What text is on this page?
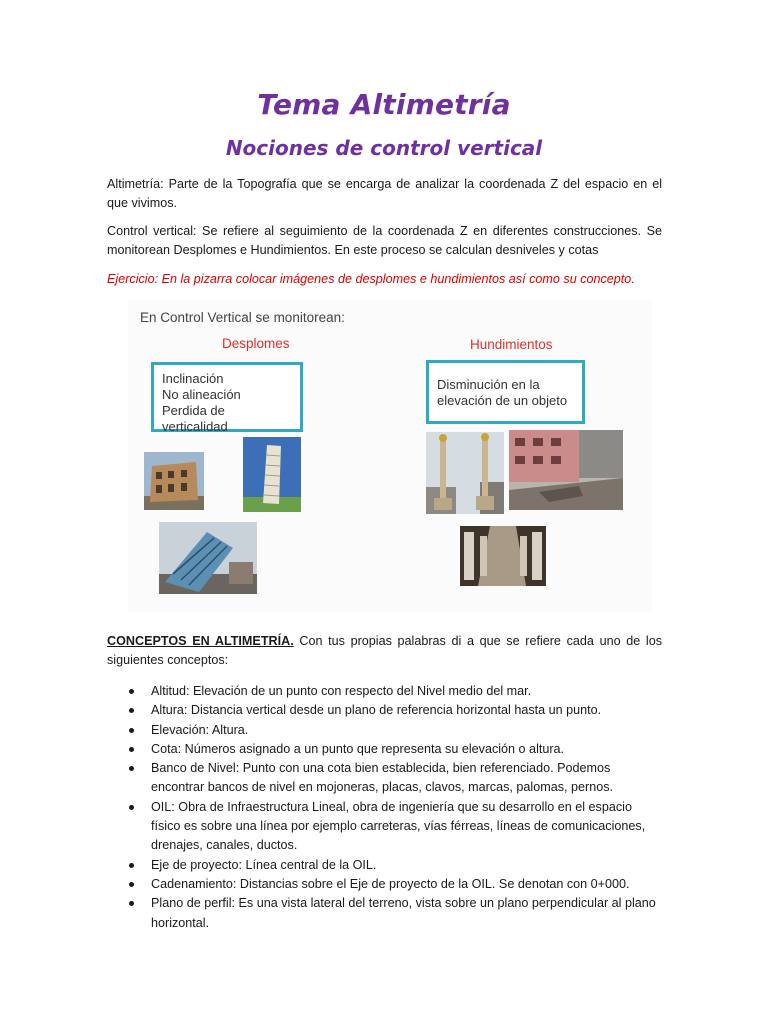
Tema Altimetría
Nociones de control vertical

Altimetría: Parte de la Topografía que se encarga de analizar la coordenada Z del espacio en el que vivimos.

Control vertical: Se refiere al seguimiento de la coordenada Z en diferentes construcciones. Se monitorean Desplomes e Hundimientos. En este proceso se calculan desniveles y cotas

Ejercicio: En la pizarra colocar imágenes de desplomes e hundimientos así como su concepto.

En Control Vertical se monitorean:
Desplomes	Hundimientos
Inclinación
No alineación
Perdida de verticalidad
Disminución en la
elevación de un objeto

CONCEPTOS EN ALTIMETRÍA. Con tus propias palabras di a que se refiere cada uno de los siguientes conceptos:

Altitud: Elevación de un punto con respecto del Nivel medio del mar.
Altura: Distancia vertical desde un plano de referencia horizontal hasta un punto.
Elevación: Altura.
Cota: Números asignado a un punto que representa su elevación o altura.
Banco de Nivel: Punto con una cota bien establecida, bien referenciado. Podemos encontrar bancos de nivel en mojoneras, placas, clavos, marcas, palomas, pernos.
OIL: Obra de Infraestructura Lineal, obra de ingeniería que su desarrollo en el espacio físico es sobre una línea por ejemplo carreteras, vías férreas, líneas de comunicaciones, drenajes, canales, ductos.
Eje de proyecto: Línea central de la OIL.
Cadenamiento: Distancias sobre el Eje de proyecto de la OIL. Se denotan con 0+000.
Plano de perfil: Es una vista lateral del terreno, vista sobre un plano perpendicular al plano horizontal.
